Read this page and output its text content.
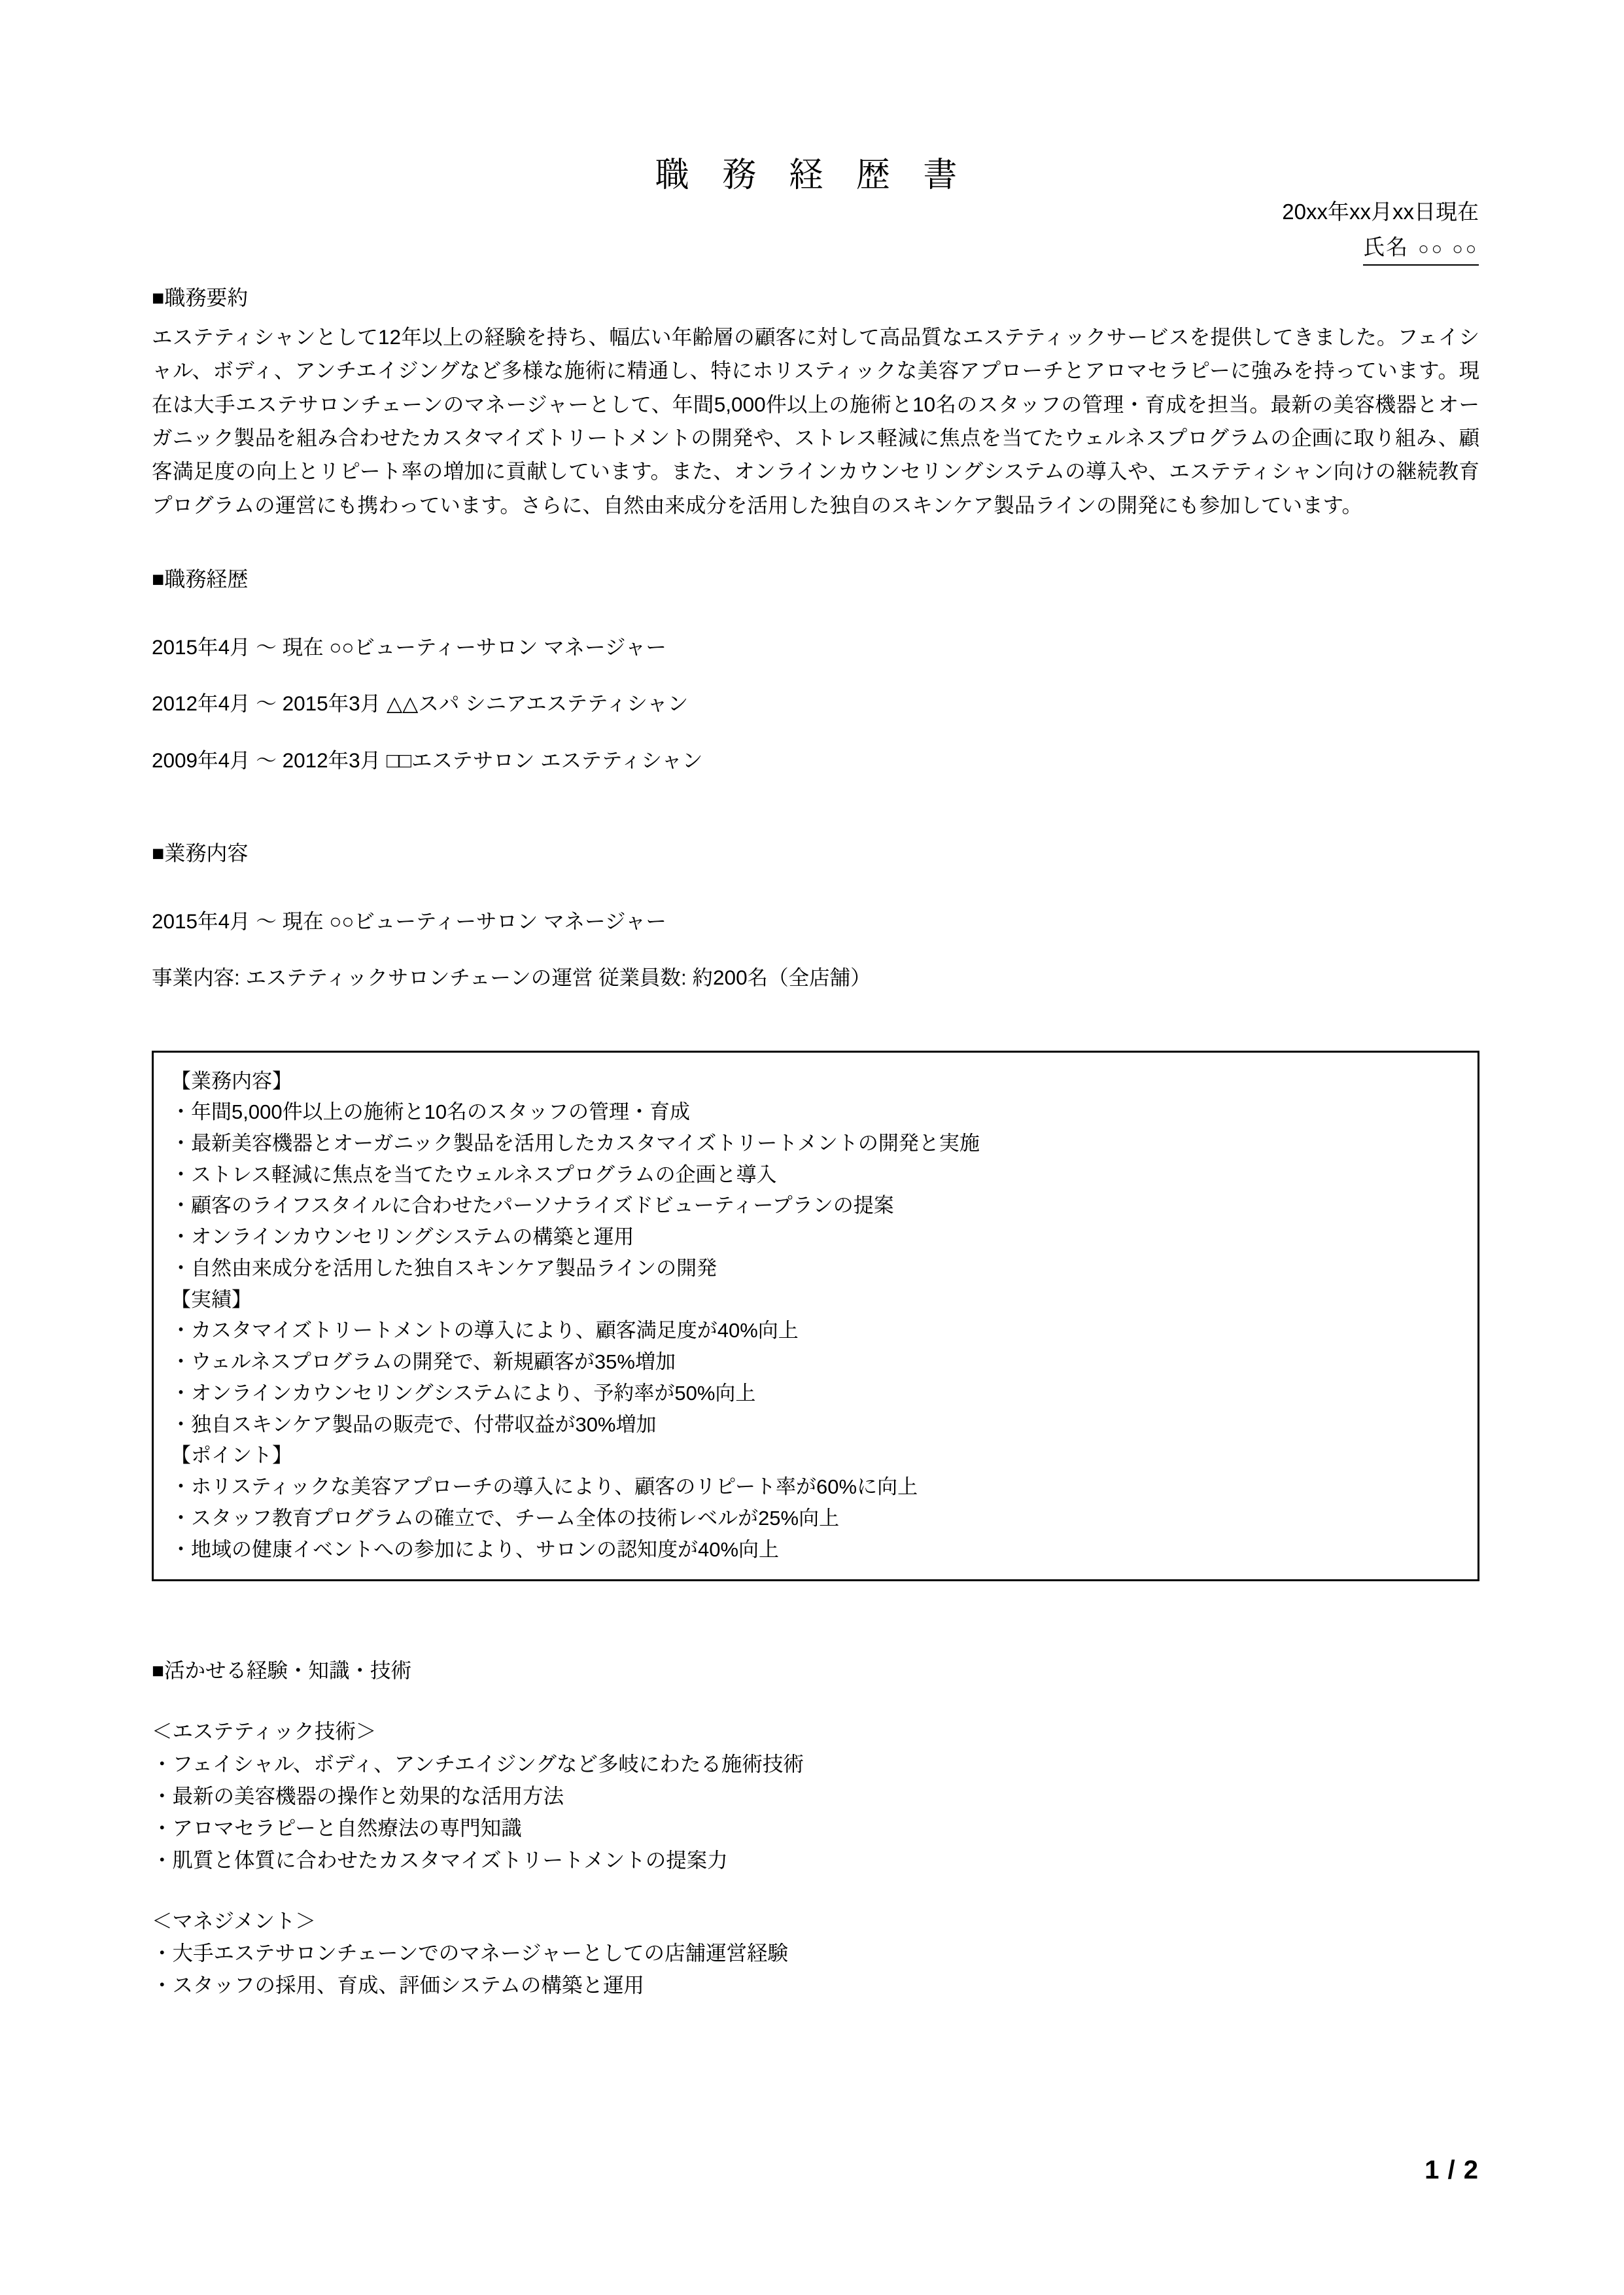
職 務 経 歴 書
20xx年xx月xx日現在
氏名 ○○ ○○

■職務要約

エステティシャンとして12年以上の経験を持ち、幅広い年齢層の顧客に対して高品質なエステティックサービスを提供してきました。フェイシャル、ボディ、アンチエイジングなど多様な施術に精通し、特にホリスティックな美容アプローチとアロマセラピーに強みを持っています。現在は大手エステサロンチェーンのマネージャーとして、年間5,000件以上の施術と10名のスタッフの管理・育成を担当。最新の美容機器とオーガニック製品を組み合わせたカスタマイズトリートメントの開発や、ストレス軽減に焦点を当てたウェルネスプログラムの企画に取り組み、顧客満足度の向上とリピート率の増加に貢献しています。また、オンラインカウンセリングシステムの導入や、エステティシャン向けの継続教育プログラムの運営にも携わっています。さらに、自然由来成分を活用した独自のスキンケア製品ラインの開発にも参加しています。

■職務経歴

2015年4月 ～ 現在 ○○ビューティーサロン マネージャー

2012年4月 ～ 2015年3月 △△スパ シニアエステティシャン

2009年4月 ～ 2012年3月 □□エステサロン エステティシャン

■業務内容

2015年4月 ～ 現在 ○○ビューティーサロン マネージャー

事業内容: エステティックサロンチェーンの運営 従業員数: 約200名（全店舗）

【業務内容】

・年間5,000件以上の施術と10名のスタッフの管理・育成

・最新美容機器とオーガニック製品を活用したカスタマイズトリートメントの開発と実施

・ストレス軽減に焦点を当てたウェルネスプログラムの企画と導入

・顧客のライフスタイルに合わせたパーソナライズドビューティープランの提案

・オンラインカウンセリングシステムの構築と運用

・自然由来成分を活用した独自スキンケア製品ラインの開発

【実績】

・カスタマイズトリートメントの導入により、顧客満足度が40%向上

・ウェルネスプログラムの開発で、新規顧客が35%増加

・オンラインカウンセリングシステムにより、予約率が50%向上

・独自スキンケア製品の販売で、付帯収益が30%増加

【ポイント】

・ホリスティックな美容アプローチの導入により、顧客のリピート率が60%に向上

・スタッフ教育プログラムの確立で、チーム全体の技術レベルが25%向上

・地域の健康イベントへの参加により、サロンの認知度が40%向上

■活かせる経験・知識・技術

＜エステティック技術＞

・フェイシャル、ボディ、アンチエイジングなど多岐にわたる施術技術

・最新の美容機器の操作と効果的な活用方法

・アロマセラピーと自然療法の専門知識

・肌質と体質に合わせたカスタマイズトリートメントの提案力

＜マネジメント＞

・大手エステサロンチェーンでのマネージャーとしての店舗運営経験

・スタッフの採用、育成、評価システムの構築と運用

1 / 2
